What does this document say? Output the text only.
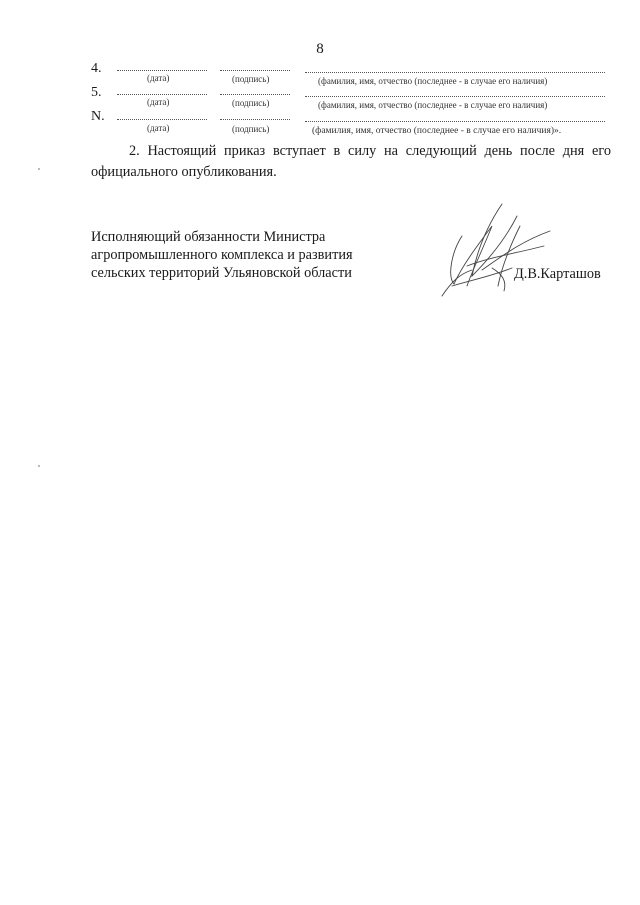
8
4.
(дата)	(подпись)	(фамилия, имя, отчество (последнее - в случае его наличия)
5.
(дата)	(подпись)	(фамилия, имя, отчество (последнее - в случае его наличия)
N.
(дата)	(подпись)	(фамилия, имя, отчество (последнее - в случае его наличия)».

2. Настоящий приказ вступает в силу на следующий день после дня его официального опубликования.

Исполняющий обязанности Министра
агропромышленного комплекса и развития
сельских территорий Ульяновской области	Д.В.Карташов
